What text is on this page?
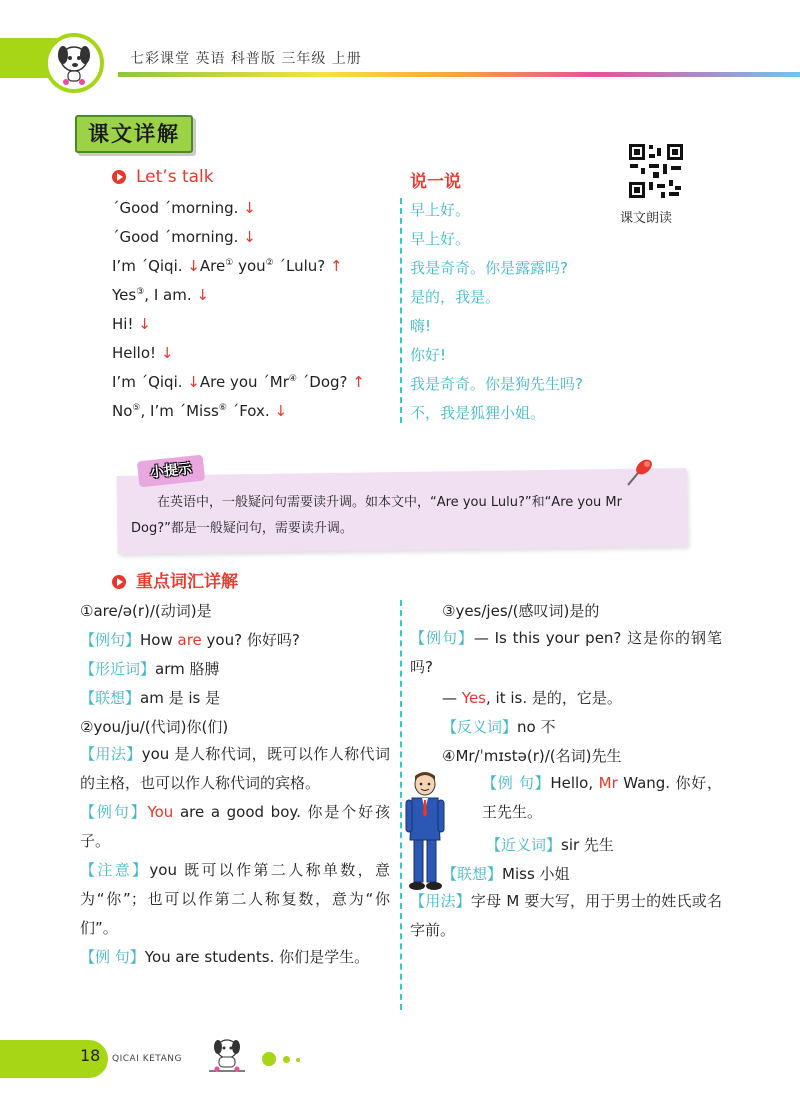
七彩课堂 英语 科普版 三年级 上册
课文详解
课文朗读
Let’s talk	说一说
ˊGood ˊmorning. ↓
ˊGood ˊmorning. ↓
I’m ˊQiqi. ↓Are① you② ˊLulu? ↑
Yes③, I am. ↓
Hi! ↓
Hello! ↓
I’m ˊQiqi. ↓Are you ˊMr④ ˊDog? ↑
No⑤, I’m ˊMiss⑥ ˊFox. ↓
早上好。
早上好。
我是奇奇。你是露露吗?
是的，我是。
嗨!
你好!
我是奇奇。你是狗先生吗?
不，我是狐狸小姐。
小提示
在英语中，一般疑问句需要读升调。如本文中，“Are you Lulu?”和“Are you Mr Dog?”都是一般疑问句，需要读升调。
重点词汇详解
①are/ə(r)/(动词)是
【例句】How are you? 你好吗?
【形近词】arm 胳膊
【联想】am 是 is 是
②you/ju/(代词)你(们)
【用法】you 是人称代词，既可以作人称代词的主格，也可以作人称代词的宾格。
【例句】You are a good boy. 你是个好孩子。
【注意】you 既可以作第二人称单数，意为“你”；也可以作第二人称复数，意为“你们”。
【例 句】You are students. 你们是学生。
③yes/jes/(感叹词)是的
【例句】— Is this your pen? 这是你的钢笔吗?
— Yes, it is. 是的，它是。
【反义词】no 不
④Mr/ˈmɪstə(r)/(名词)先生
【例 句】Hello, Mr Wang. 你好，王先生。
【近义词】sir 先生
【联想】Miss 小姐
【用法】字母 M 要大写，用于男士的姓氏或名字前。
18 QICAI KETANG
